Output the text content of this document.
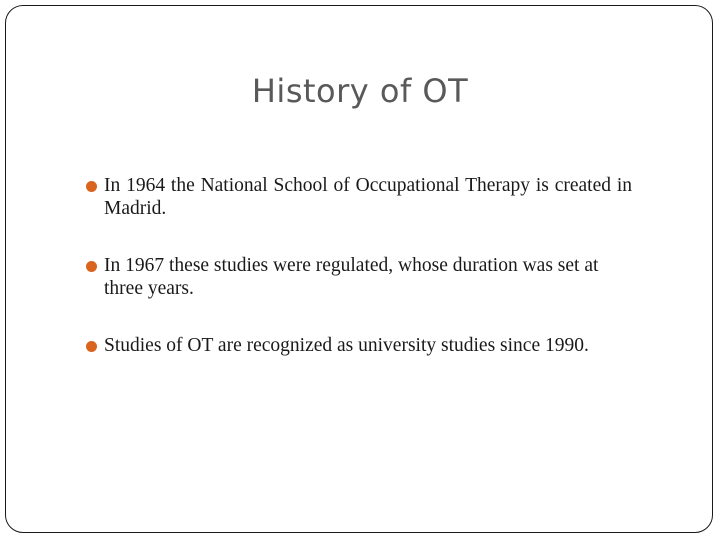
History of OT
In 1964 the National School of Occupational Therapy is created in Madrid.
In 1967 these studies were regulated, whose duration was set at three years.
Studies of OT are recognized as university studies since 1990.
